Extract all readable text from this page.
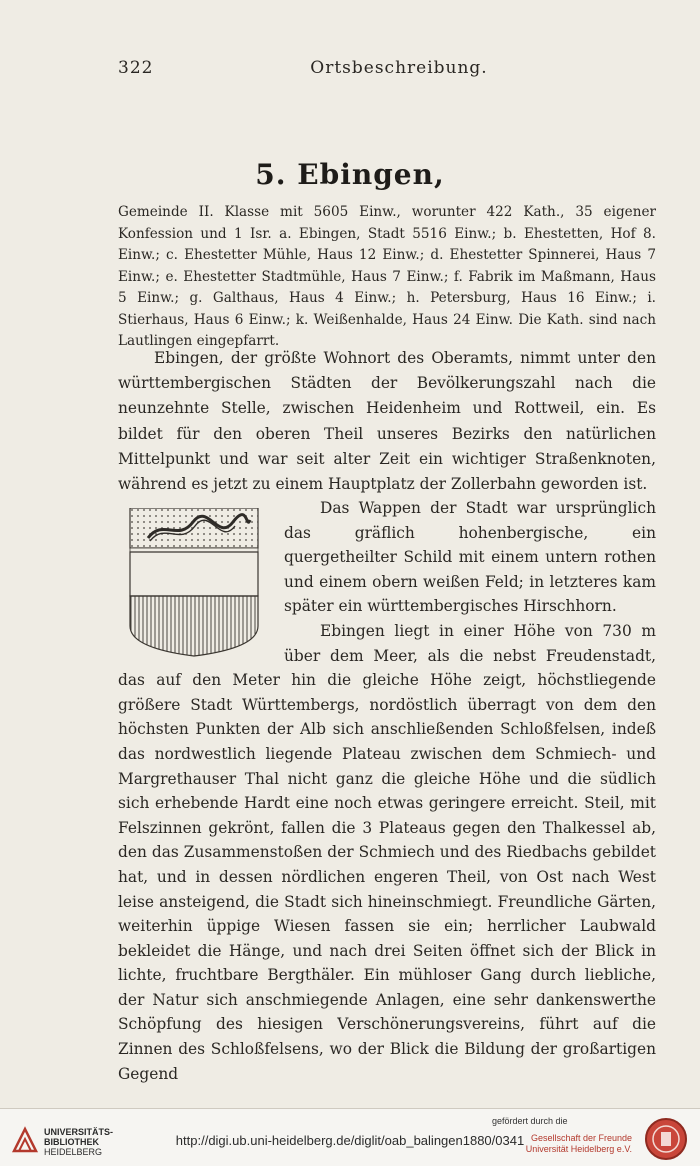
322	Ortsbeschreibung.
5. Ebingen,
Gemeinde II. Klasse mit 5605 Einw., worunter 422 Kath., 35 eigener Konfession und 1 Isr. a. Ebingen, Stadt 5516 Einw.; b. Ehestetten, Hof 8. Einw.; c. Ehestetter Mühle, Haus 12 Einw.; d. Ehestetter Spinnerei, Haus 7 Einw.; e. Ehestetter Stadtmühle, Haus 7 Einw.; f. Fabrik im Maßmann, Haus 5 Einw.; g. Galthaus, Haus 4 Einw.; h. Petersburg, Haus 16 Einw.; i. Stierhaus, Haus 6 Einw.; k. Weißenhalde, Haus 24 Einw. Die Kath. sind nach Lautlingen eingepfarrt.
Ebingen, der größte Wohnort des Oberamts, nimmt unter den württembergischen Städten der Bevölkerungszahl nach die neunzehnte Stelle, zwischen Heidenheim und Rottweil, ein. Es bildet für den oberen Theil unseres Bezirks den natürlichen Mittelpunkt und war seit alter Zeit ein wichtiger Straßenknoten, während es jetzt zu einem Hauptplatz der Zollerbahn geworden ist.

Das Wappen der Stadt war ursprünglich das gräflich hohenbergische, ein quergetheilter Schild mit einem untern rothen und einem obern weißen Feld; in letzteres kam später ein württembergisches Hirschhorn.

Ebingen liegt in einer Höhe von 730 m über dem Meer, als die nebst Freudenstadt, das auf den Meter hin die gleiche Höhe zeigt, höchstliegende größere Stadt Württembergs, nordöstlich überragt von dem den höchsten Punkten der Alb sich anschließenden Schloßfelsen, indeß das nordwestlich liegende Plateau zwischen dem Schmiech- und Margrethauser Thal nicht ganz die gleiche Höhe und die südlich sich erhebende Hardt eine noch etwas geringere erreicht. Steil, mit Felszinnen gekrönt, fallen die 3 Plateaus gegen den Thalkessel ab, den das Zusammenstoßen der Schmiech und des Riedbachs gebildet hat, und in dessen nördlichen engeren Theil, von Ost nach West leise ansteigend, die Stadt sich hineinschmiegt. Freundliche Gärten, weiterhin üppige Wiesen fassen sie ein; herrlicher Laubwald bekleidet die Hänge, und nach drei Seiten öffnet sich der Blick in lichte, fruchtbare Bergthäler. Ein mühloser Gang durch liebliche, der Natur sich anschmiegende Anlagen, eine sehr dankenswerthe Schöpfung des hiesigen Verschönerungsvereins, führt auf die Zinnen des Schloßfelsens, wo der Blick die Bildung der großartigen Gegend

UNIVERSITÄTS-
BIBLIOTHEK
HEIDELBERG
http://digi.ub.uni-heidelberg.de/diglit/oab_balingen1880/0341
gefördert durch die
Gesellschaft der Freunde
Universität Heidelberg e.V.
